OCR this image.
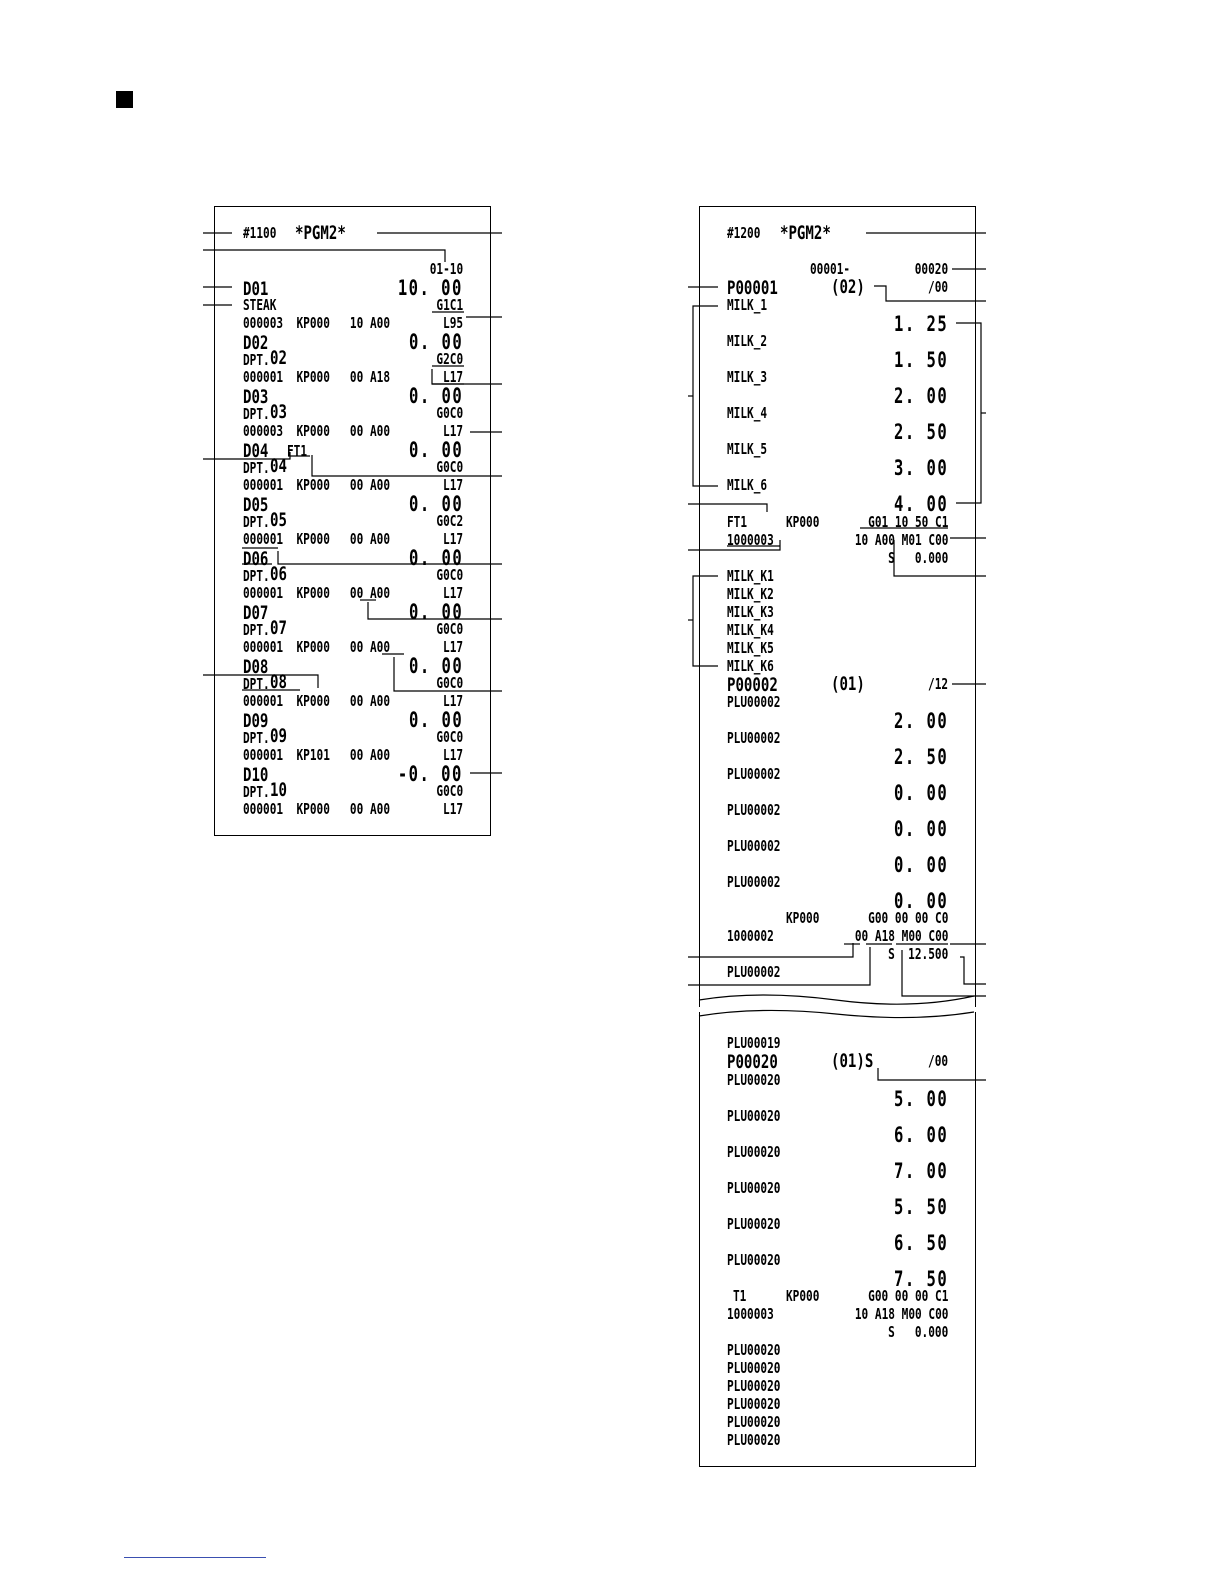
#1100 *PGM2*
01-10
D01	10. 00
STEAK	G1C1
000003  KP000   10 A00	L95
D02	0. 00
DPT. 02	G2C0
000001  KP000   00 A18	L17
D03	0. 00
DPT. 03	G0C0
000003  KP000   00 A00	L17
D04 FT1	0. 00
DPT. 04	G0C0
000001  KP000   00 A00	L17
D05	0. 00
DPT. 05	G0C2
000001  KP000   00 A00	L17
D06	0. 00
DPT. 06	G0C0
000001  KP000   00 A00	L17
D07	0. 00
DPT. 07	G0C0
000001  KP000   00 A00	L17
D08	0. 00
DPT. 08	G0C0
000001  KP000   00 A00	L17
D09	0. 00
DPT. 09	G0C0
000001  KP101   00 A00	L17
D10	-0. 00
DPT. 10	G0C0
000001  KP000   00 A00	L17
#1200 *PGM2*
00001-	00020
P00001	(02)	/00
MILK_1
1. 25
MILK_2
1. 50
MILK_3
2. 00
MILK_4
2. 50
MILK_5
3. 00
MILK_6
4. 00
FT1	KP000	G01 10 50 C1
1000003	10 A00 M01 C00
S   0.000
MILK_K1
MILK_K2
MILK_K3
MILK_K4
MILK_K5
MILK_K6
P00002	(01)	/12
PLU00002
2. 00
PLU00002
2. 50
PLU00002
0. 00
PLU00002
0. 00
PLU00002
0. 00
PLU00002
0. 00
KP000	G00 00 00 C0
1000002	00 A18 M00 C00
S  12.500
PLU00002
PLU00019
P00020	(01)S	/00
PLU00020
5. 00
PLU00020
6. 00
PLU00020
7. 00
PLU00020
5. 50
PLU00020
6. 50
PLU00020
7. 50
T1	KP000	G00 00 00 C1
1000003	10 A18 M00 C00
S   0.000
PLU00020
PLU00020
PLU00020
PLU00020
PLU00020
PLU00020
